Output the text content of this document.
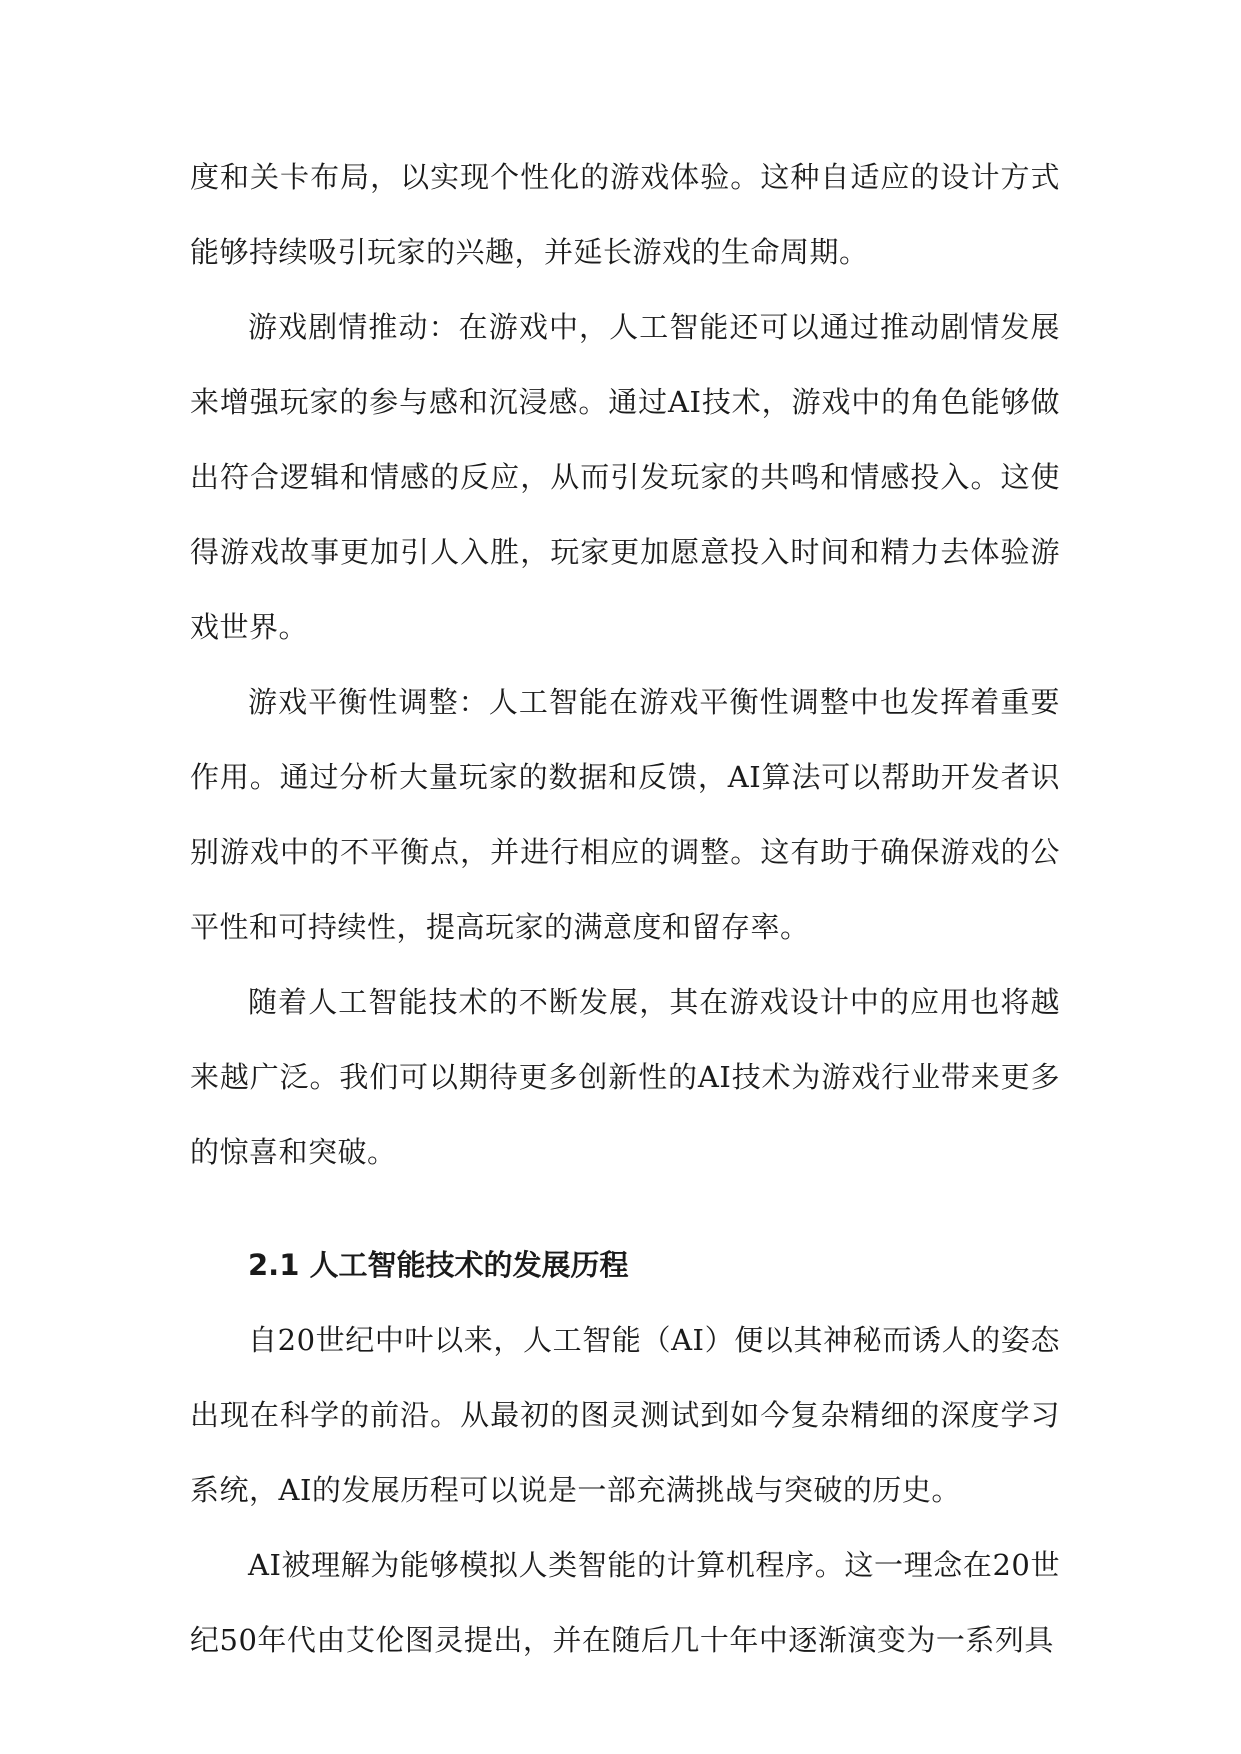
度和关卡布局，以实现个性化的游戏体验。这种自适应的设计方式能够持续吸引玩家的兴趣，并延长游戏的生命周期。

游戏剧情推动：在游戏中，人工智能还可以通过推动剧情发展来增强玩家的参与感和沉浸感。通过AI技术，游戏中的角色能够做出符合逻辑和情感的反应，从而引发玩家的共鸣和情感投入。这使得游戏故事更加引人入胜，玩家更加愿意投入时间和精力去体验游戏世界。

游戏平衡性调整：人工智能在游戏平衡性调整中也发挥着重要作用。通过分析大量玩家的数据和反馈，AI算法可以帮助开发者识别游戏中的不平衡点，并进行相应的调整。这有助于确保游戏的公平性和可持续性，提高玩家的满意度和留存率。

随着人工智能技术的不断发展，其在游戏设计中的应用也将越来越广泛。我们可以期待更多创新性的AI技术为游戏行业带来更多的惊喜和突破。

2.1 人工智能技术的发展历程

自20世纪中叶以来，人工智能（AI）便以其神秘而诱人的姿态出现在科学的前沿。从最初的图灵测试到如今复杂精细的深度学习系统，AI的发展历程可以说是一部充满挑战与突破的历史。

AI被理解为能够模拟人类智能的计算机程序。这一理念在20世纪50年代由艾伦图灵提出，并在随后几十年中逐渐演变为一系列具
